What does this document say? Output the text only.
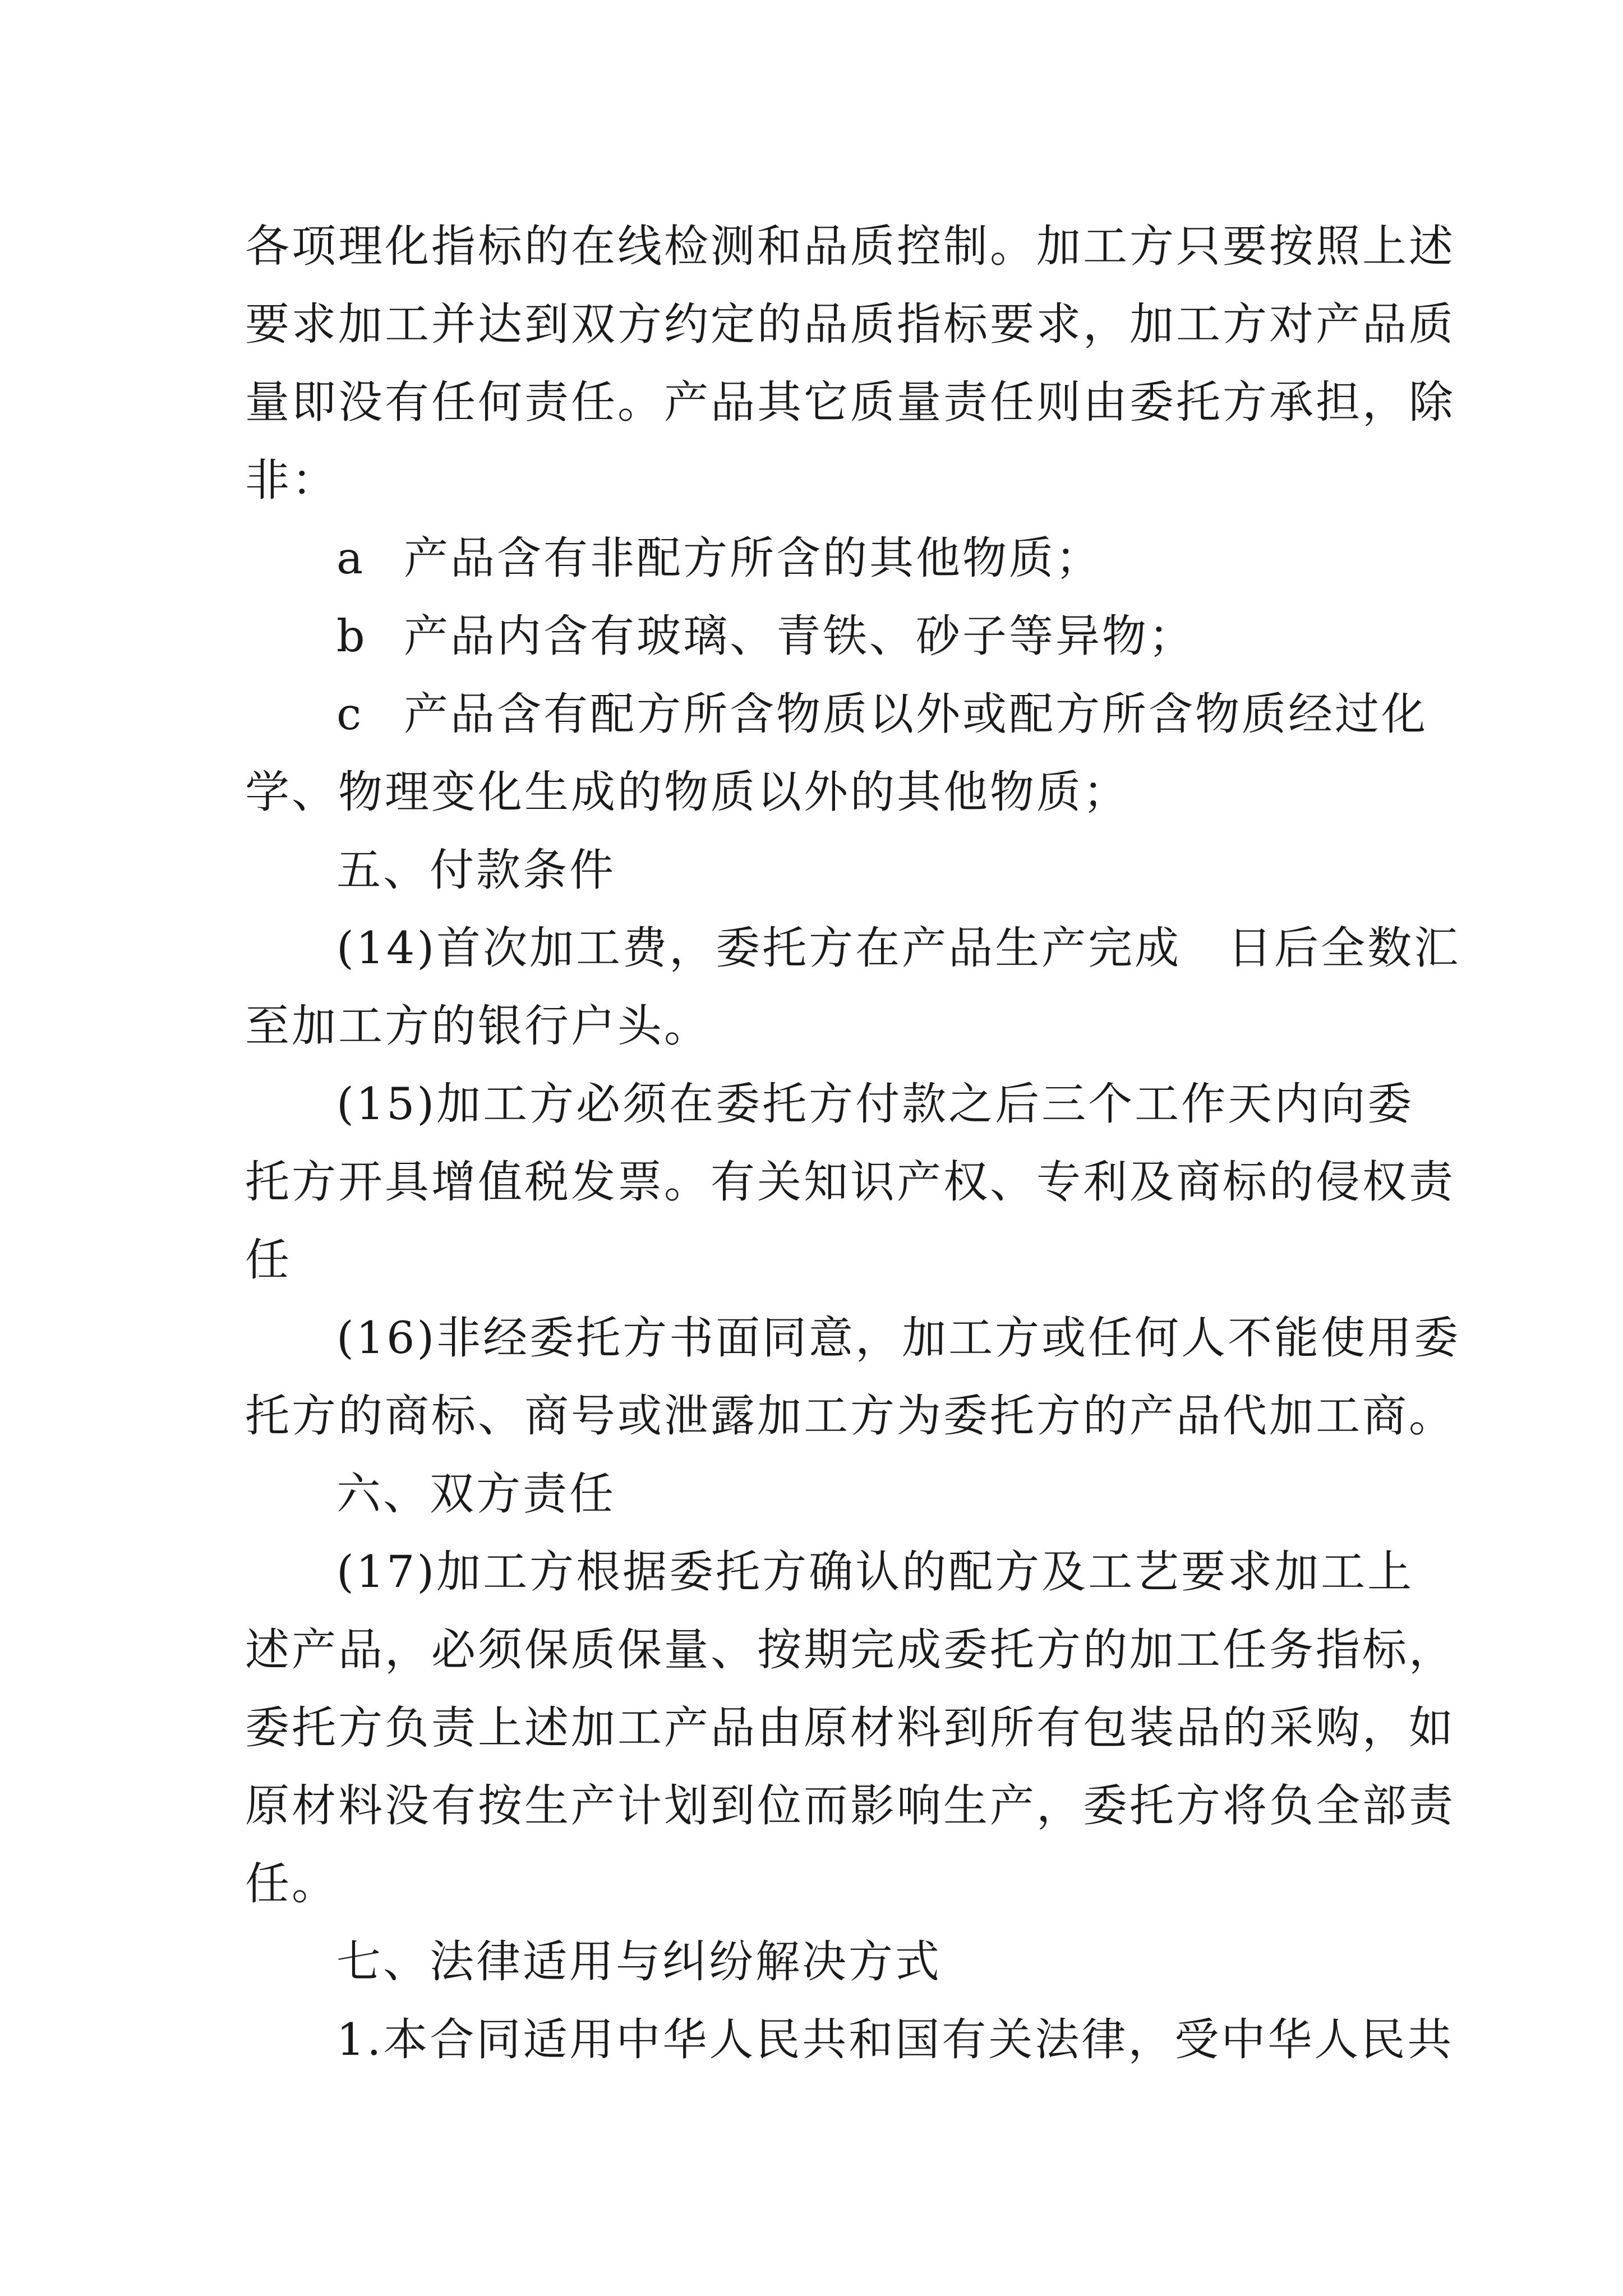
各项理化指标的在线检测和品质控制。加工方只要按照上述
要求加工并达到双方约定的品质指标要求，加工方对产品质
量即没有任何责任。产品其它质量责任则由委托方承担，除
非：
a 产品含有非配方所含的其他物质；
b 产品内含有玻璃、青铁、砂子等异物；
c 产品含有配方所含物质以外或配方所含物质经过化
学、物理变化生成的物质以外的其他物质；
五、付款条件
(14)首次加工费，委托方在产品生产完成　日后全数汇
至加工方的银行户头。
(15)加工方必须在委托方付款之后三个工作天内向委
托方开具增值税发票。有关知识产权、专利及商标的侵权责
任
(16)非经委托方书面同意，加工方或任何人不能使用委
托方的商标、商号或泄露加工方为委托方的产品代加工商。
六、双方责任
(17)加工方根据委托方确认的配方及工艺要求加工上
述产品，必须保质保量、按期完成委托方的加工任务指标，
委托方负责上述加工产品由原材料到所有包装品的采购，如
原材料没有按生产计划到位而影响生产，委托方将负全部责
任。
七、法律适用与纠纷解决方式
1.本合同适用中华人民共和国有关法律，受中华人民共
